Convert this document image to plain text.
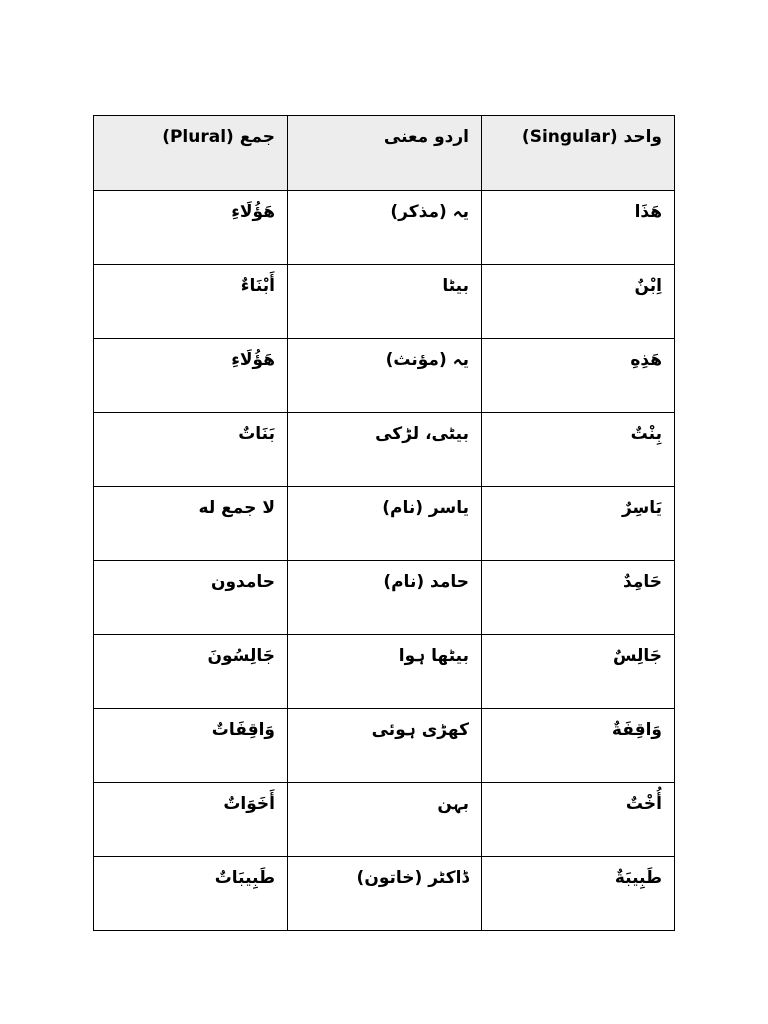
واحد (Singular)	اردو معنی	جمع (Plural)
هَذَا	یہ (مذکر)	هَؤُلَاءِ
اِبْنٌ	بیٹا	أَبْنَاءٌ
هَذِهِ	یہ (مؤنث)	هَؤُلَاءِ
بِنْتٌ	بیٹی، لڑکی	بَنَاتٌ
يَاسِرٌ	یاسر (نام)	لا جمع له
حَامِدٌ	حامد (نام)	حامدون
جَالِسٌ	بیٹھا ہوا	جَالِسُونَ
وَاقِفَةٌ	کھڑی ہوئی	وَاقِفَاتٌ
أُخْتٌ	بہن	أَخَوَاتٌ
طَبِيبَةٌ	ڈاکٹر (خاتون)	طَبِيبَاتٌ
